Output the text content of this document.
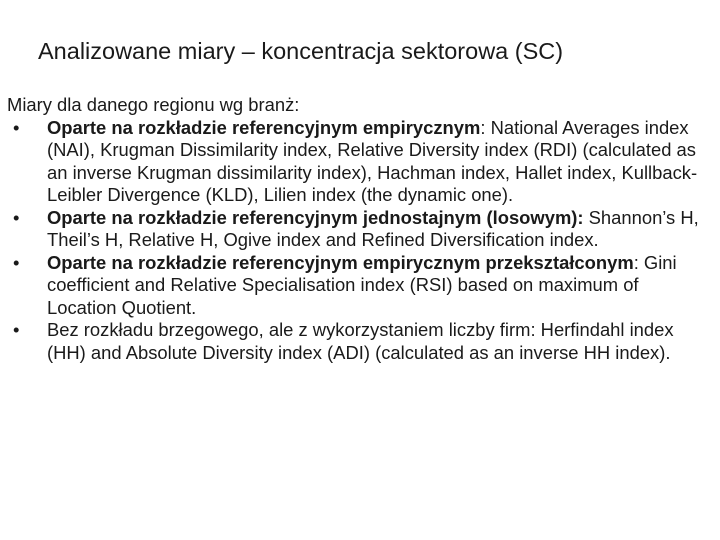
Analizowane miary – koncentracja sektorowa (SC)

Miary dla danego regionu wg branż:

• Oparte na rozkładzie referencyjnym empirycznym: National Averages index (NAI), Krugman Dissimilarity index, Relative Diversity index (RDI) (calculated as an inverse Krugman dissimilarity index), Hachman index, Hallet index, Kullback-Leibler Divergence (KLD), Lilien index (the dynamic one).
• Oparte na rozkładzie referencyjnym jednostajnym (losowym): Shannon’s H, Theil’s H, Relative H, Ogive index and Refined Diversification index.
• Oparte na rozkładzie referencyjnym empirycznym przekształconym: Gini coefficient and Relative Specialisation index (RSI) based on maximum of Location Quotient.
• Bez rozkładu brzegowego, ale z wykorzystaniem liczby firm: Herfindahl index (HH) and Absolute Diversity index (ADI) (calculated as an inverse HH index).
